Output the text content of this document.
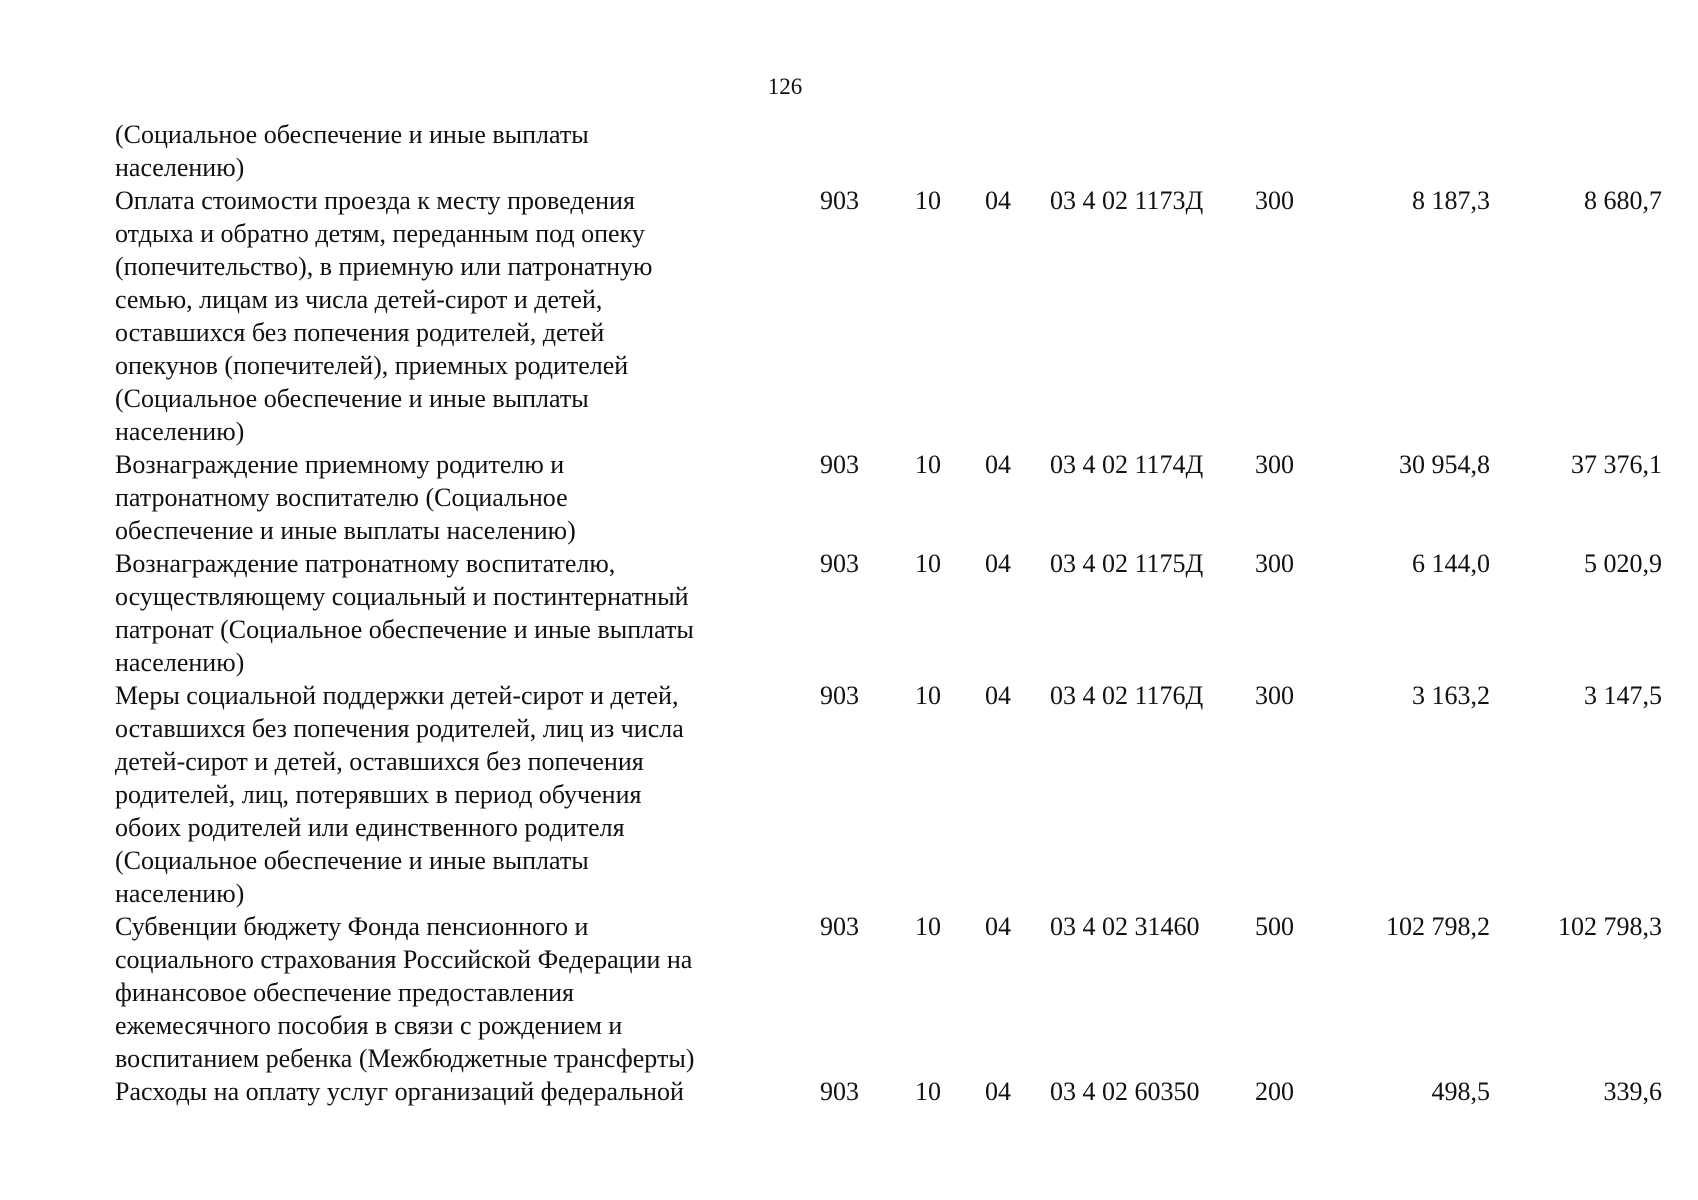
126
(Социальное обеспечение и иные выплаты
населению)
Оплата стоимости проезда к месту проведения
отдыха и обратно детям, переданным под опеку
(попечительство), в приемную или патронатную
семью, лицам из числа детей-сирот и детей,
оставшихся без попечения родителей, детей
опекунов (попечителей), приемных родителей
(Социальное обеспечение и иные выплаты
населению)
903	10	04	03 4 02 1173Д	300	8 187,3	8 680,7
Вознаграждение приемному родителю и
патронатному воспитателю (Социальное
обеспечение и иные выплаты населению)
903	10	04	03 4 02 1174Д	300	30 954,8	37 376,1
Вознаграждение патронатному воспитателю,
осуществляющему социальный и постинтернатный
патронат (Социальное обеспечение и иные выплаты
населению)
903	10	04	03 4 02 1175Д	300	6 144,0	5 020,9
Меры социальной поддержки детей-сирот и детей,
оставшихся без попечения родителей, лиц из числа
детей-сирот и детей, оставшихся без попечения
родителей, лиц, потерявших в период обучения
обоих родителей или единственного родителя
(Социальное обеспечение и иные выплаты
населению)
903	10	04	03 4 02 1176Д	300	3 163,2	3 147,5
Субвенции бюджету Фонда пенсионного и
социального страхования Российской Федерации на
финансовое обеспечение предоставления
ежемесячного пособия в связи с рождением и
воспитанием ребенка (Межбюджетные трансферты)
903	10	04	03 4 02 31460	500	102 798,2	102 798,3
Расходы на оплату услуг организаций федеральной	903	10	04	03 4 02 60350	200	498,5	339,6
